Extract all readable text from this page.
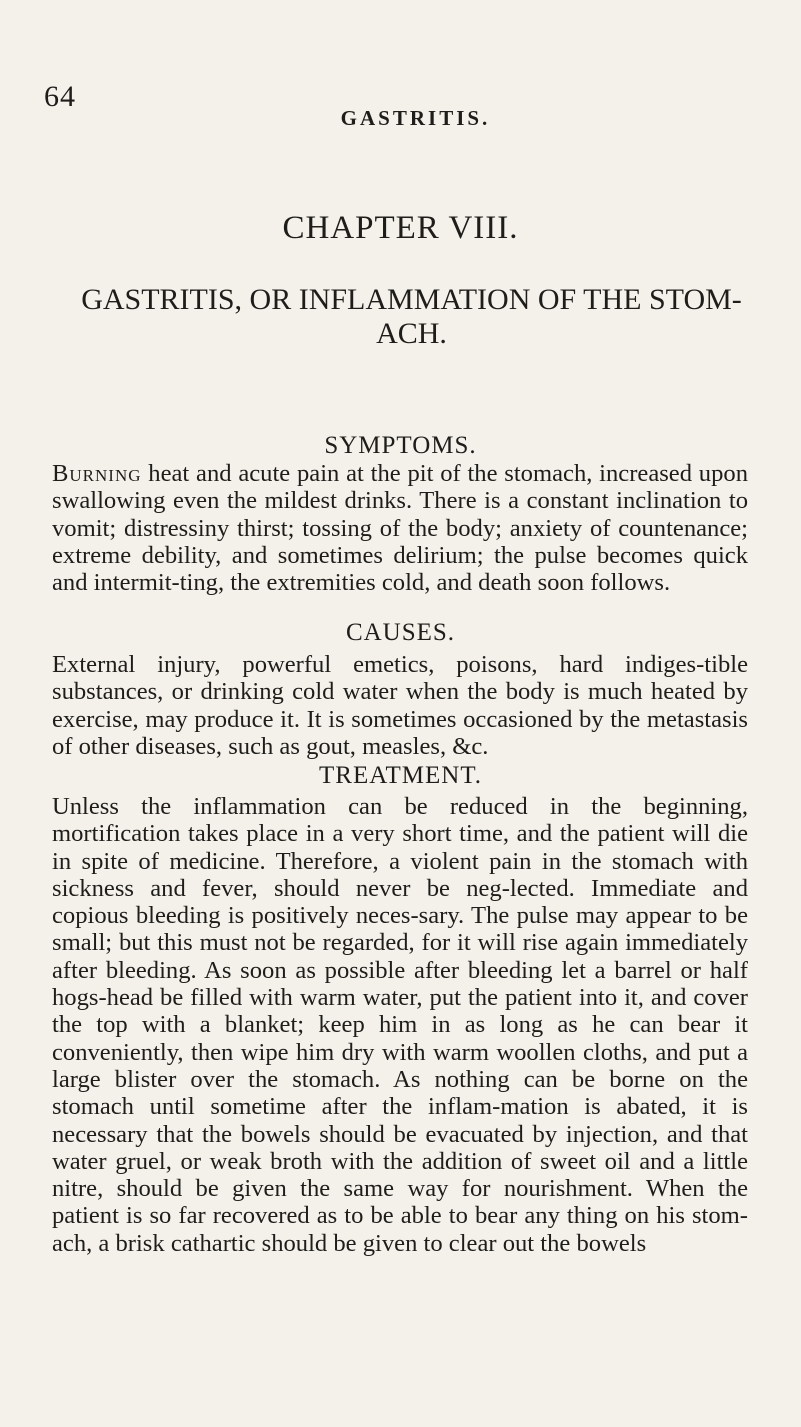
64

GASTRITIS.

CHAPTER VIII.
GASTRITIS, OR INFLAMMATION OF THE STOM-ACH.
SYMPTOMS.

Burning heat and acute pain at the pit of the stomach, increased upon swallowing even the mildest drinks. There is a constant inclination to vomit; distressiny thirst; tossing of the body; anxiety of countenance; extreme debility, and sometimes delirium; the pulse becomes quick and intermit-ting, the extremities cold, and death soon follows.

CAUSES.

External injury, powerful emetics, poisons, hard indiges-tible substances, or drinking cold water when the body is much heated by exercise, may produce it. It is sometimes occasioned by the metastasis of other diseases, such as gout, measles, &c.

TREATMENT.

Unless the inflammation can be reduced in the beginning, mortification takes place in a very short time, and the patient will die in spite of medicine. Therefore, a violent pain in the stomach with sickness and fever, should never be neg-lected. Immediate and copious bleeding is positively neces-sary. The pulse may appear to be small; but this must not be regarded, for it will rise again immediately after bleeding. As soon as possible after bleeding let a barrel or half hogs-head be filled with warm water, put the patient into it, and cover the top with a blanket; keep him in as long as he can bear it conveniently, then wipe him dry with warm woollen cloths, and put a large blister over the stomach. As nothing can be borne on the stomach until sometime after the inflam-mation is abated, it is necessary that the bowels should be evacuated by injection, and that water gruel, or weak broth with the addition of sweet oil and a little nitre, should be given the same way for nourishment. When the patient is so far recovered as to be able to bear any thing on his stom-ach, a brisk cathartic should be given to clear out the bowels
